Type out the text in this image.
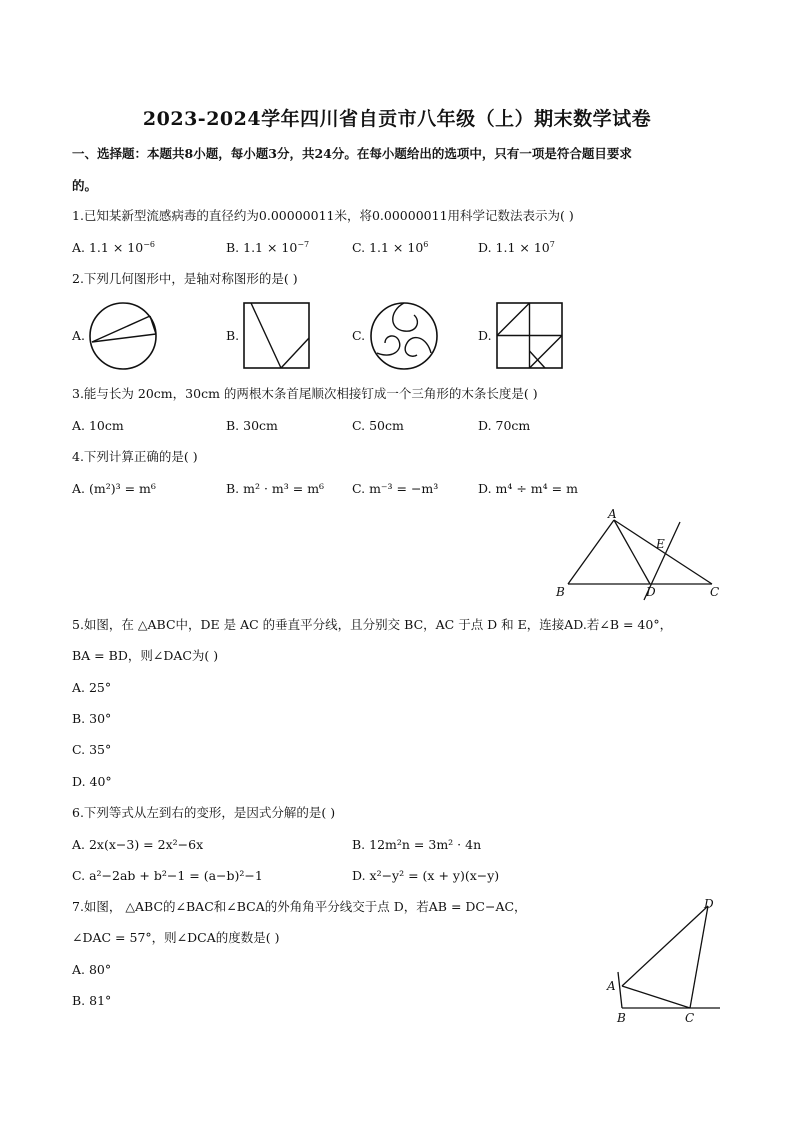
2023-2024学年四川省自贡市八年级（上）期末数学试卷
一、选择题：本题共8小题，每小题3分，共24分。在每小题给出的选项中，只有一项是符合题目要求
的。
1.已知某新型流感病毒的直径约为0.00000011米，将0.00000011用科学记数法表示为( )
A. $1.1 \times 10^{-6}$	B. $1.1 \times 10^{-7}$	C. $1.1 \times 10^6$	D. $1.1 \times 10^7$
2.下列几何图形中，是轴对称图形的是( )
A.	B.	C.	D.
3.能与长为 20cm，30cm 的两根木条首尾顺次相接钉成一个三角形的木条长度是( )
A. 10cm	B. 30cm	C. 50cm	D. 70cm
4.下列计算正确的是( )
A. (m²)³ = m⁶	B. m² · m³ = m⁶ C. m⁻³ = −m³	D. m⁴ ÷ m⁴ = m
A
B	C
D
E
5.如图，在 △ABC中，DE 是 AC 的垂直平分线，且分别交 BC，AC 于点 D 和 E，连接AD.若∠B = 40°，
BA = BD，则∠DAC为( )
A. 25°
B. 30°
C. 35°
D. 40°
6.下列等式从左到右的变形，是因式分解的是( )
A. 2x(x−3) = 2x²−6x	B. 12m²n = 3m² · 4n
C. a²−2ab + b²−1 = (a−b)²−1	D. x²−y² = (x + y)(x−y)
7.如图， △ABC的∠BAC和∠BCA的外角角平分线交于点 D，若AB = DC−AC，
∠DAC = 57°，则∠DCA的度数是( )
A. 80°
B. 81°
D
A
B	C
